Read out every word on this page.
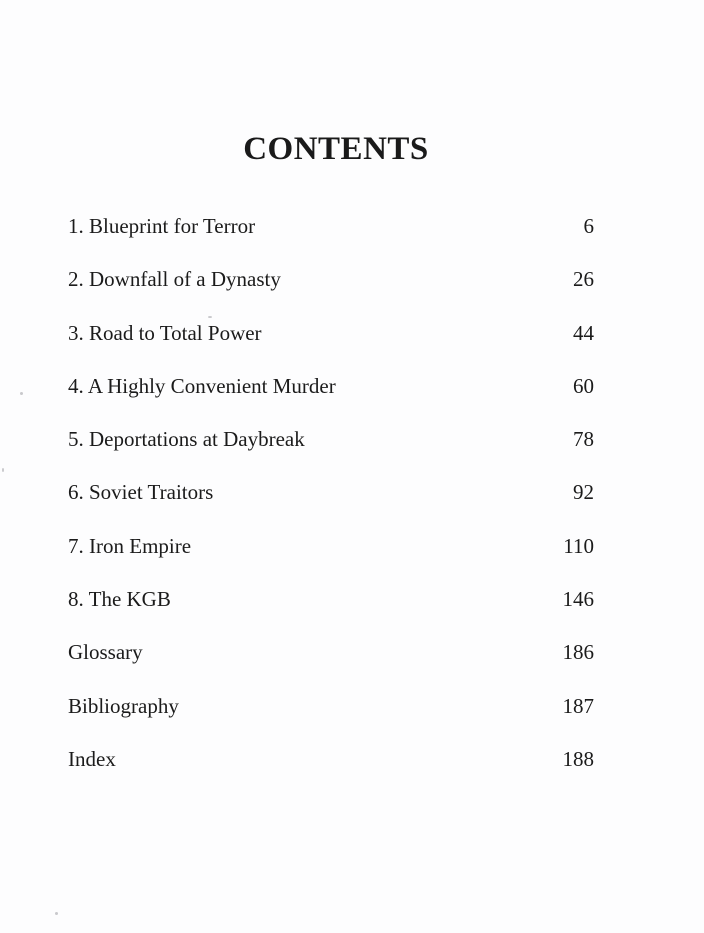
CONTENTS
1. Blueprint for Terror	6
2. Downfall of a Dynasty	26
3. Road to Total Power	44
4. A Highly Convenient Murder	60
5. Deportations at Daybreak	78
6. Soviet Traitors	92
7. Iron Empire	110
8. The KGB	146
Glossary	186
Bibliography	187
Index	188
